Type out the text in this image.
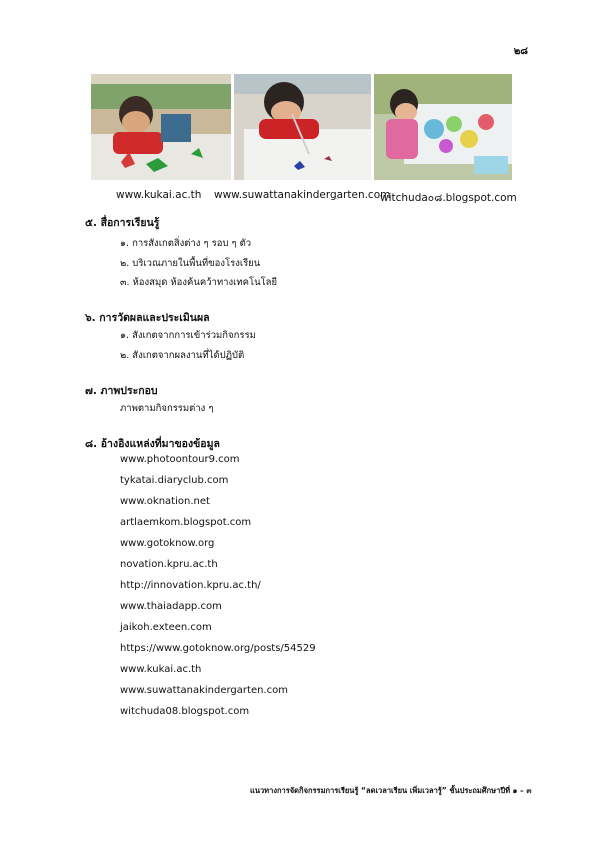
๒๘
www.kukai.ac.th www.suwattanakindergarten.com
witchuda๐๘.blogspot.com
๕. สื่อการเรียนรู้
๑. การสังเกตสิ่งต่าง ๆ รอบ ๆ ตัว
๒. บริเวณภายในพื้นที่ของโรงเรียน
๓. ห้องสมุด ห้องค้นคว้าทางเทคโนโลยี
๖. การวัดผลและประเมินผล
๑. สังเกตจากการเข้าร่วมกิจกรรม
๒. สังเกตจากผลงานที่ได้ปฏิบัติ
๗. ภาพประกอบ
ภาพตามกิจกรรมต่าง ๆ
๘. อ้างอิงแหล่งที่มาของข้อมูล
www.photoontour9.com
tykatai.diaryclub.com
www.oknation.net
artlaemkom.blogspot.com
www.gotoknow.org
novation.kpru.ac.th
http://innovation.kpru.ac.th/
www.thaiadapp.com
jaikoh.exteen.com
https://www.gotoknow.org/posts/54529
www.kukai.ac.th
www.suwattanakindergarten.com
witchuda08.blogspot.com
แนวทางการจัดกิจกรรมการเรียนรู้ “ลดเวลาเรียน เพิ่มเวลารู้” ชั้นประถมศึกษาปีที่ ๑ – ๓
